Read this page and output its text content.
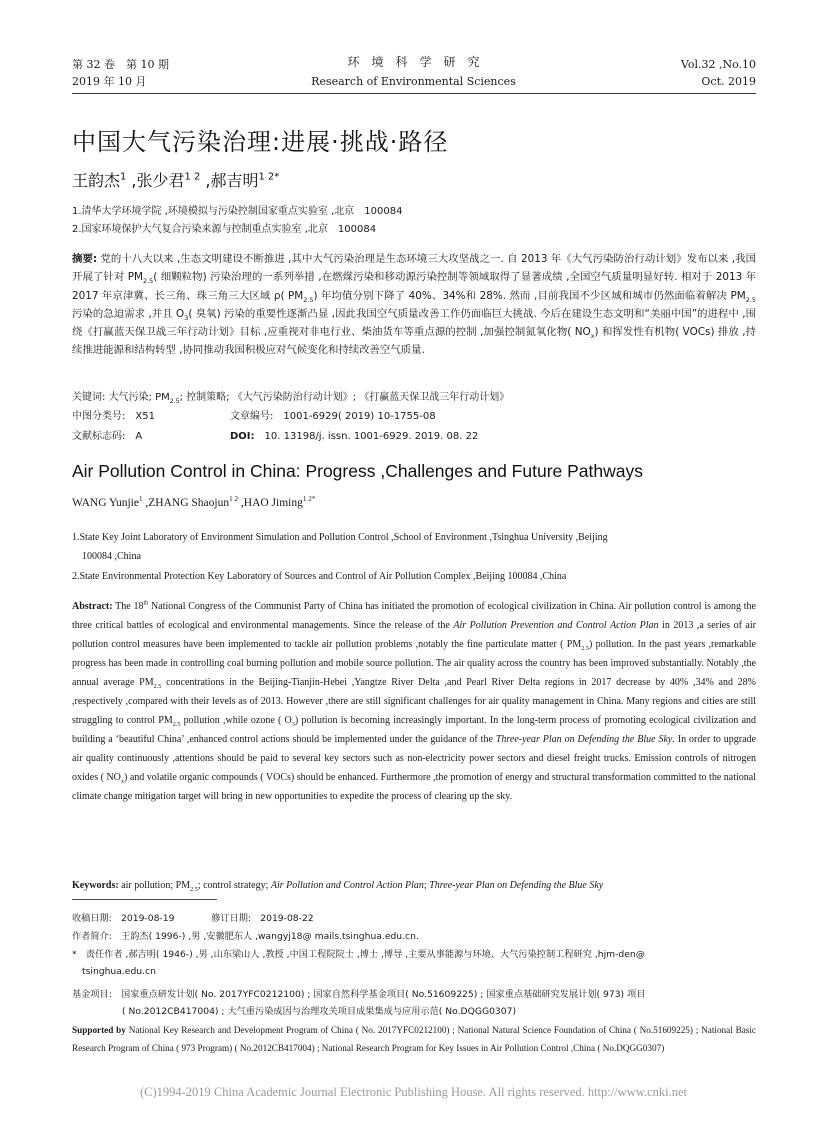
第 32 卷　第 10 期
2019 年 10 月
环　境　科　学　研　究
Research of Environmental Sciences
Vol.32 ,No.10
Oct. 2019
中国大气污染治理:进展·挑战·路径
王韵杰$^1$ ,张少君$^{1 2}$ ,郝吉明$^{1 2*}$
1.清华大学环境学院 ,环境模拟与污染控制国家重点实验室 ,北京　100084
2.国家环境保护大气复合污染来源与控制重点实验室 ,北京　100084

摘要: 党的十八大以来 ,生态文明建设不断推进 ,其中大气污染治理是生态环境三大攻坚战之一. 自 2013 年《大气污染防治行动计划》发布以来 ,我国开展了针对 $PM_{2.5}$( 细颗粒物) 污染治理的一系列举措 ,在燃煤污染和移动源污染控制等领域取得了显著成绩 ,全国空气质量明显好转. 相对于 2013 年 2017 年京津冀、长三角、珠三角三大区域 ρ( $PM_{2.5}$) 年均值分别下降了 40%、34%和 28%. 然而 ,目前我国不少区域和城市仍然面临着解决 $PM_{2.5}$污染的急迫需求 ,并且 $O_3$( 臭氧) 污染的重要性逐渐凸显 ,因此我国空气质量改善工作仍面临巨大挑战. 今后在建设生态文明和“美丽中国”的进程中 ,围绕《打赢蓝天保卫战三年行动计划》目标 ,应重视对非电行业、柴油货车等重点源的控制 ,加强控制氮氧化物( $NO_x$) 和挥发性有机物( VOCs) 排放 ,持续推进能源和结构转型 ,协同推动我国积极应对气候变化和持续改善空气质量.

关键词: 大气污染; $PM_{2.5}$; 控制策略; 《大气污染防治行动计划》; 《打赢蓝天保卫战三年行动计划》
中图分类号:　 X51	文章编号:　 1001-6929( 2019) 10-1755-08
文献标志码:　 A	DOI:　 10. 13198/j. issn. 1001-6929. 2019. 08. 22
Air Pollution Control in China: Progress ,Challenges and Future Pathways
WANG Yunjie$^1$ ,ZHANG Shaojun$^{1 2}$ ,HAO Jiming$^{1 2*}$
1.State Key Joint Laboratory of Environment Simulation and Pollution Control ,School of Environment ,Tsinghua University ,Beijing
100084 ,China
2.State Environmental Protection Key Laboratory of Sources and Control of Air Pollution Complex ,Beijing 100084 ,China

Abstract: The 18th National Congress of the Communist Party of China has initiated the promotion of ecological civilization in China. Air pollution control is among the three critical battles of ecological and environmental managements. Since the release of the Air Pollution Prevention and Control Action Plan in 2013 ,a series of air pollution control measures have been implemented to tackle air pollution problems ,notably the fine particulate matter ( $PM_{2.5}$) pollution. In the past years ,remarkable progress has been made in controlling coal burning pollution and mobile source pollution. The air quality across the country has been improved substantially. Notably ,the annual average $PM_{2.5}$ concentrations in the Beijing-Tianjin-Hebei ,Yangtze River Delta ,and Pearl River Delta regions in 2017 decrease by 40% ,34% and 28% ,respectively ,compared with their levels as of 2013. However ,there are still significant challenges for air quality management in China. Many regions and cities are still struggling to control $PM_{2.5}$ pollution ,while ozone ( $O_3$) pollution is becoming increasingly important. In the long-term process of promoting ecological civilization and building a ‘beautiful China’ ,enhanced control actions should be implemented under the guidance of the Three-year Plan on Defending the Blue Sky. In order to upgrade air quality continuously ,attentions should be paid to several key sectors such as non-electricity power sectors and diesel freight trucks. Emission controls of nitrogen oxides ( $NO_x$) and volatile organic compounds ( VOCs) should be enhanced. Furthermore ,the promotion of energy and structural transformation committed to the national climate change mitigation target will bring in new opportunities to expedite the process of clearing up the sky.

Keywords: air pollution; $PM_{2.5}$; control strategy; Air Pollution and Control Action Plan; Three-year Plan on Defending the Blue Sky
收稿日期:　 2019-08-19　　　　	修订日期:　 2019-08-22
作者简介:　 王韵杰( 1996-) ,男 ,安徽肥东人 ,wangyj18@ mails.tsinghua.edu.cn.
*　 责任作者 ,郝吉明( 1946-) ,男 ,山东梁山人 ,教授 ,中国工程院院士 ,博士 ,博导 ,主要从事能源与环境、大气污染控制工程研究 ,hjm-den@
tsinghua.edu.cn
基金项目:　 国家重点研发计划( No. 2017YFC0212100) ; 国家自然科学基金项目( No.51609225) ; 国家重点基础研究发展计划( 973) 项目
( No.2012CB417004) ; 大气重污染成因与治理攻关项目成果集成与应用示范( No.DQGG0307)

Supported by National Key Research and Development Program of China ( No. 2017YFC0212100) ; National Natural Science Foundation of China ( No.51609225) ; National Basic Research Program of China ( 973 Program) ( No.2012CB417004) ; National Research Program for Key Issues in Air Pollution Control ,China ( No.DQGG0307)

(C)1994-2019 China Academic Journal Electronic Publishing House. All rights reserved. http://www.cnki.net
